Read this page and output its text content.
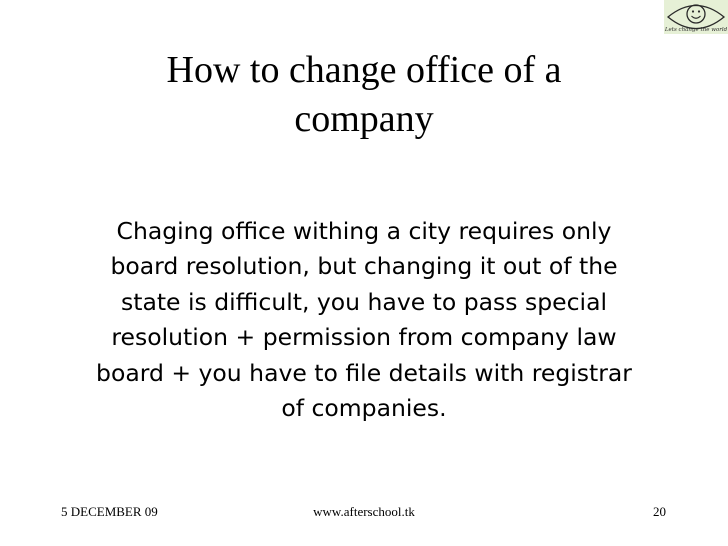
Lets change the world
How to change office of a
company

Chaging office withing a city requires only
board resolution, but changing it out of the
state is difficult, you have to pass special
resolution + permission from company law
board + you have to file details with registrar
of companies.

5 DECEMBER 09	www.afterschool.tk	20
